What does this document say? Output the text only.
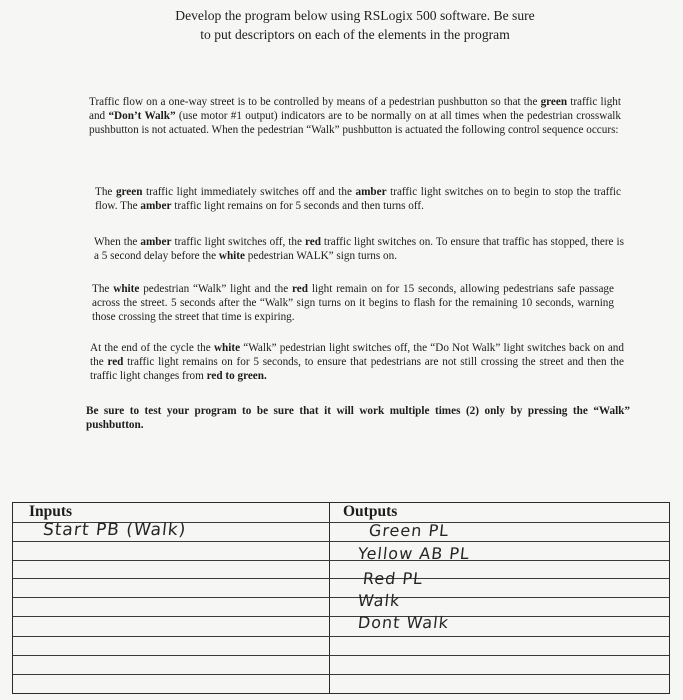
Develop the program below using RSLogix 500 software. Be sure
to put descriptors on each of the elements in the program
Traffic flow on a one-way street is to be controlled by means of a pedestrian pushbutton so that the green traffic light and “Don’t Walk” (use motor #1 output) indicators are to be normally on at all times when the pedestrian crosswalk pushbutton is not actuated. When the pedestrian “Walk” pushbutton is actuated the following control sequence occurs:
The green traffic light immediately switches off and the amber traffic light switches on to begin to stop the traffic flow. The amber traffic light remains on for 5 seconds and then turns off.
When the amber traffic light switches off, the red traffic light switches on. To ensure that traffic has stopped, there is a 5 second delay before the white pedestrian WALK” sign turns on.
The white pedestrian “Walk” light and the red light remain on for 15 seconds, allowing pedestrians safe passage across the street. 5 seconds after the “Walk” sign turns on it begins to flash for the remaining 10 seconds, warning those crossing the street that time is expiring.
At the end of the cycle the white “Walk” pedestrian light switches off, the “Do Not Walk” light switches back on and the red traffic light remains on for 5 seconds, to ensure that pedestrians are not still crossing the street and then the traffic light changes from red to green.
Be sure to test your program to be sure that it will work multiple times (2) only by pressing the “Walk” pushbutton.
Inputs	Outputs
Start PB (Walk)	Green PL
Yellow AB PL
Red PL
Walk
Dont Walk
